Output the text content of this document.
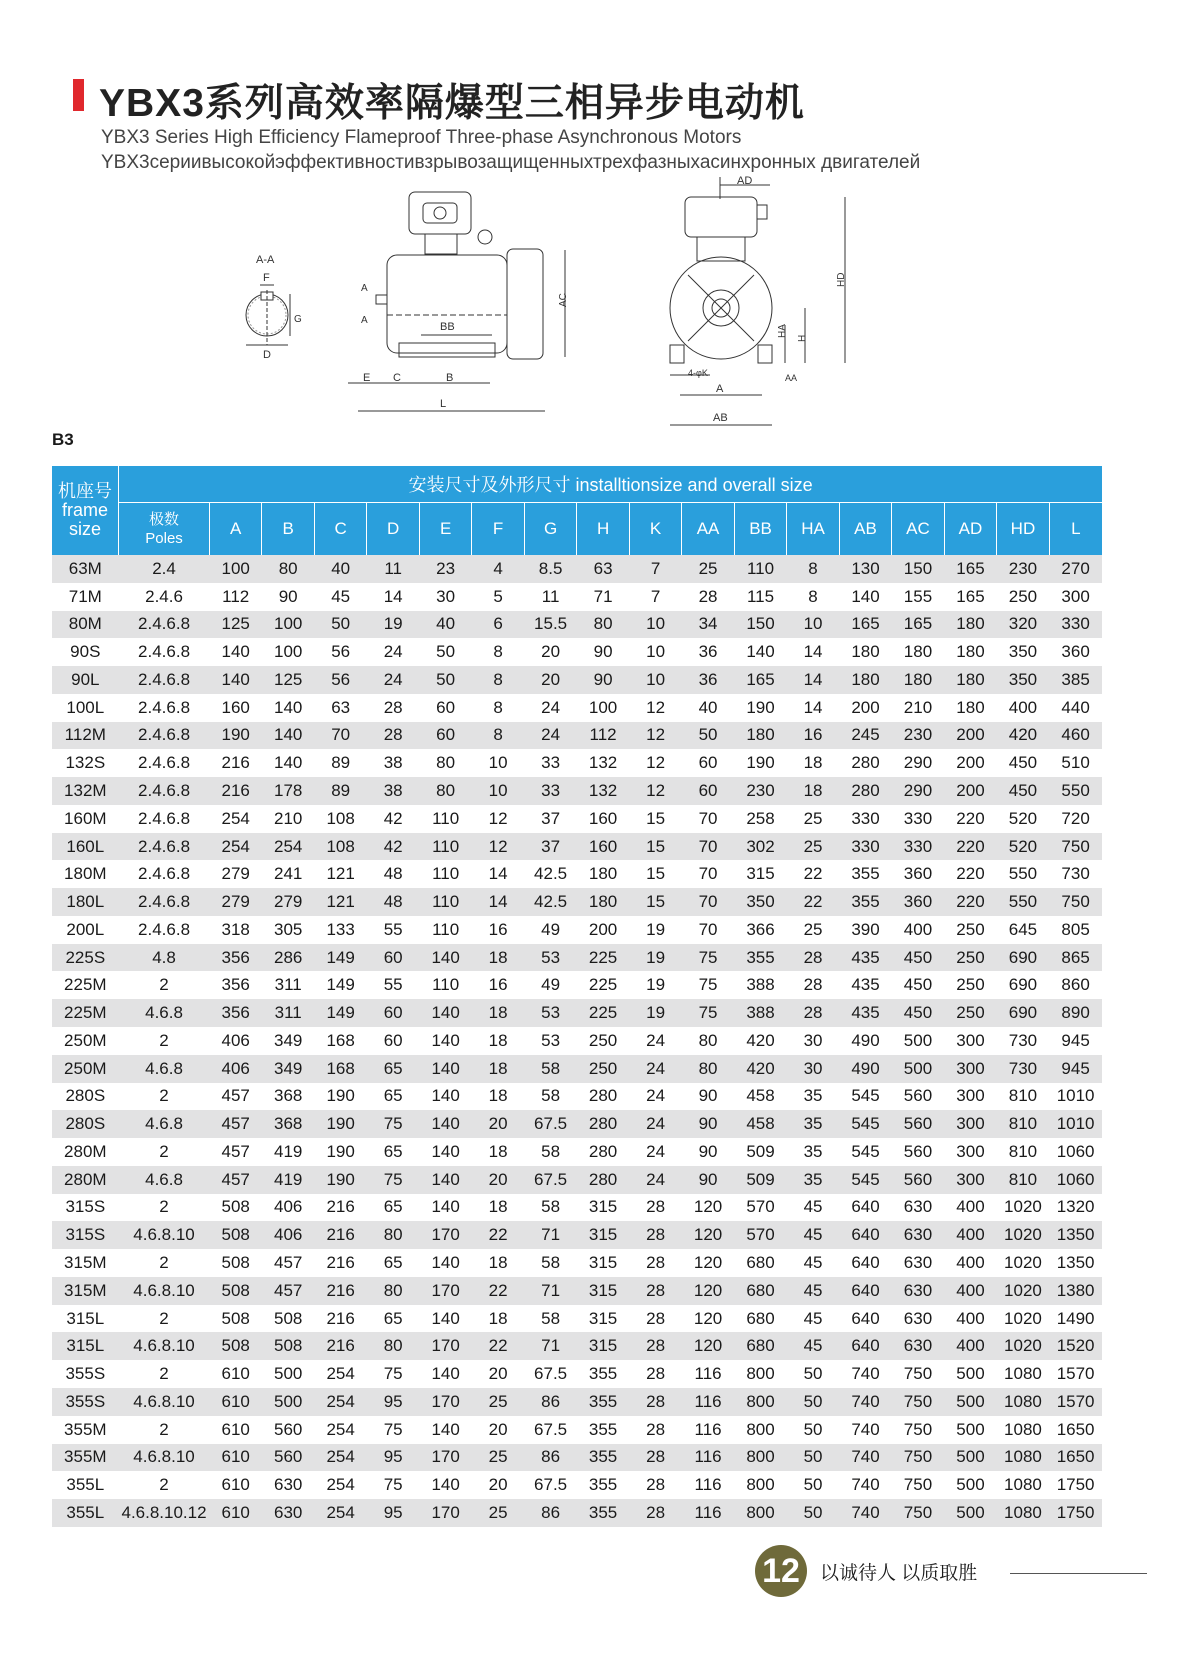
YBX3系列高效率隔爆型三相异步电动机
YBX3 Series High Efficiency Flameproof Three-phase Asynchronous Motors
YBX3сериивысокойэффективностивзрывозащищенныхтрехфазныхасинхронных двигателей
A-A
F
G
D
A
A
BB
AC
E C	B
L
AD
HD
HA
H
4-φK	AA
A
AB
B3
机座号
frame size	安装尺寸及外形尺寸 installtionsize and overall size																	
	极数
Poles	A	B	C	D	E	F	G	H	K	AA	BB	HA	AB	AC	AD	HD	L
63M	2.4	100	80	40	11	23	4	8.5	63	7	25	110	8	130	150	165	230	270
71M	2.4.6	112	90	45	14	30	5	11	71	7	28	115	8	140	155	165	250	300
80M	2.4.6.8	125	100	50	19	40	6	15.5	80	10	34	150	10	165	165	180	320	330
90S	2.4.6.8	140	100	56	24	50	8	20	90	10	36	140	14	180	180	180	350	360
90L	2.4.6.8	140	125	56	24	50	8	20	90	10	36	165	14	180	180	180	350	385
100L	2.4.6.8	160	140	63	28	60	8	24	100	12	40	190	14	200	210	180	400	440
112M	2.4.6.8	190	140	70	28	60	8	24	112	12	50	180	16	245	230	200	420	460
132S	2.4.6.8	216	140	89	38	80	10	33	132	12	60	190	18	280	290	200	450	510
132M	2.4.6.8	216	178	89	38	80	10	33	132	12	60	230	18	280	290	200	450	550
160M	2.4.6.8	254	210	108	42	110	12	37	160	15	70	258	25	330	330	220	520	720
160L	2.4.6.8	254	254	108	42	110	12	37	160	15	70	302	25	330	330	220	520	750
180M	2.4.6.8	279	241	121	48	110	14	42.5	180	15	70	315	22	355	360	220	550	730
180L	2.4.6.8	279	279	121	48	110	14	42.5	180	15	70	350	22	355	360	220	550	750
200L	2.4.6.8	318	305	133	55	110	16	49	200	19	70	366	25	390	400	250	645	805
225S	4.8	356	286	149	60	140	18	53	225	19	75	355	28	435	450	250	690	865
225M	2	356	311	149	55	110	16	49	225	19	75	388	28	435	450	250	690	860
225M	4.6.8	356	311	149	60	140	18	53	225	19	75	388	28	435	450	250	690	890
250M	2	406	349	168	60	140	18	53	250	24	80	420	30	490	500	300	730	945
250M	4.6.8	406	349	168	65	140	18	58	250	24	80	420	30	490	500	300	730	945
280S	2	457	368	190	65	140	18	58	280	24	90	458	35	545	560	300	810	1010
280S	4.6.8	457	368	190	75	140	20	67.5	280	24	90	458	35	545	560	300	810	1010
280M	2	457	419	190	65	140	18	58	280	24	90	509	35	545	560	300	810	1060
280M	4.6.8	457	419	190	75	140	20	67.5	280	24	90	509	35	545	560	300	810	1060
315S	2	508	406	216	65	140	18	58	315	28	120	570	45	640	630	400	1020	1320
315S	4.6.8.10	508	406	216	80	170	22	71	315	28	120	570	45	640	630	400	1020	1350
315M	2	508	457	216	65	140	18	58	315	28	120	680	45	640	630	400	1020	1350
315M	4.6.8.10	508	457	216	80	170	22	71	315	28	120	680	45	640	630	400	1020	1380
315L	2	508	508	216	65	140	18	58	315	28	120	680	45	640	630	400	1020	1490
315L	4.6.8.10	508	508	216	80	170	22	71	315	28	120	680	45	640	630	400	1020	1520
355S	2	610	500	254	75	140	20	67.5	355	28	116	800	50	740	750	500	1080	1570
355S	4.6.8.10	610	500	254	95	170	25	86	355	28	116	800	50	740	750	500	1080	1570
355M	2	610	560	254	75	140	20	67.5	355	28	116	800	50	740	750	500	1080	1650
355M	4.6.8.10	610	560	254	95	170	25	86	355	28	116	800	50	740	750	500	1080	1650
355L	2	610	630	254	75	140	20	67.5	355	28	116	800	50	740	750	500	1080	1750
355L	4.6.8.10.12	610	630	254	95	170	25	86	355	28	116	800	50	740	750	500	1080	1750
12	以诚待人 以质取胜
